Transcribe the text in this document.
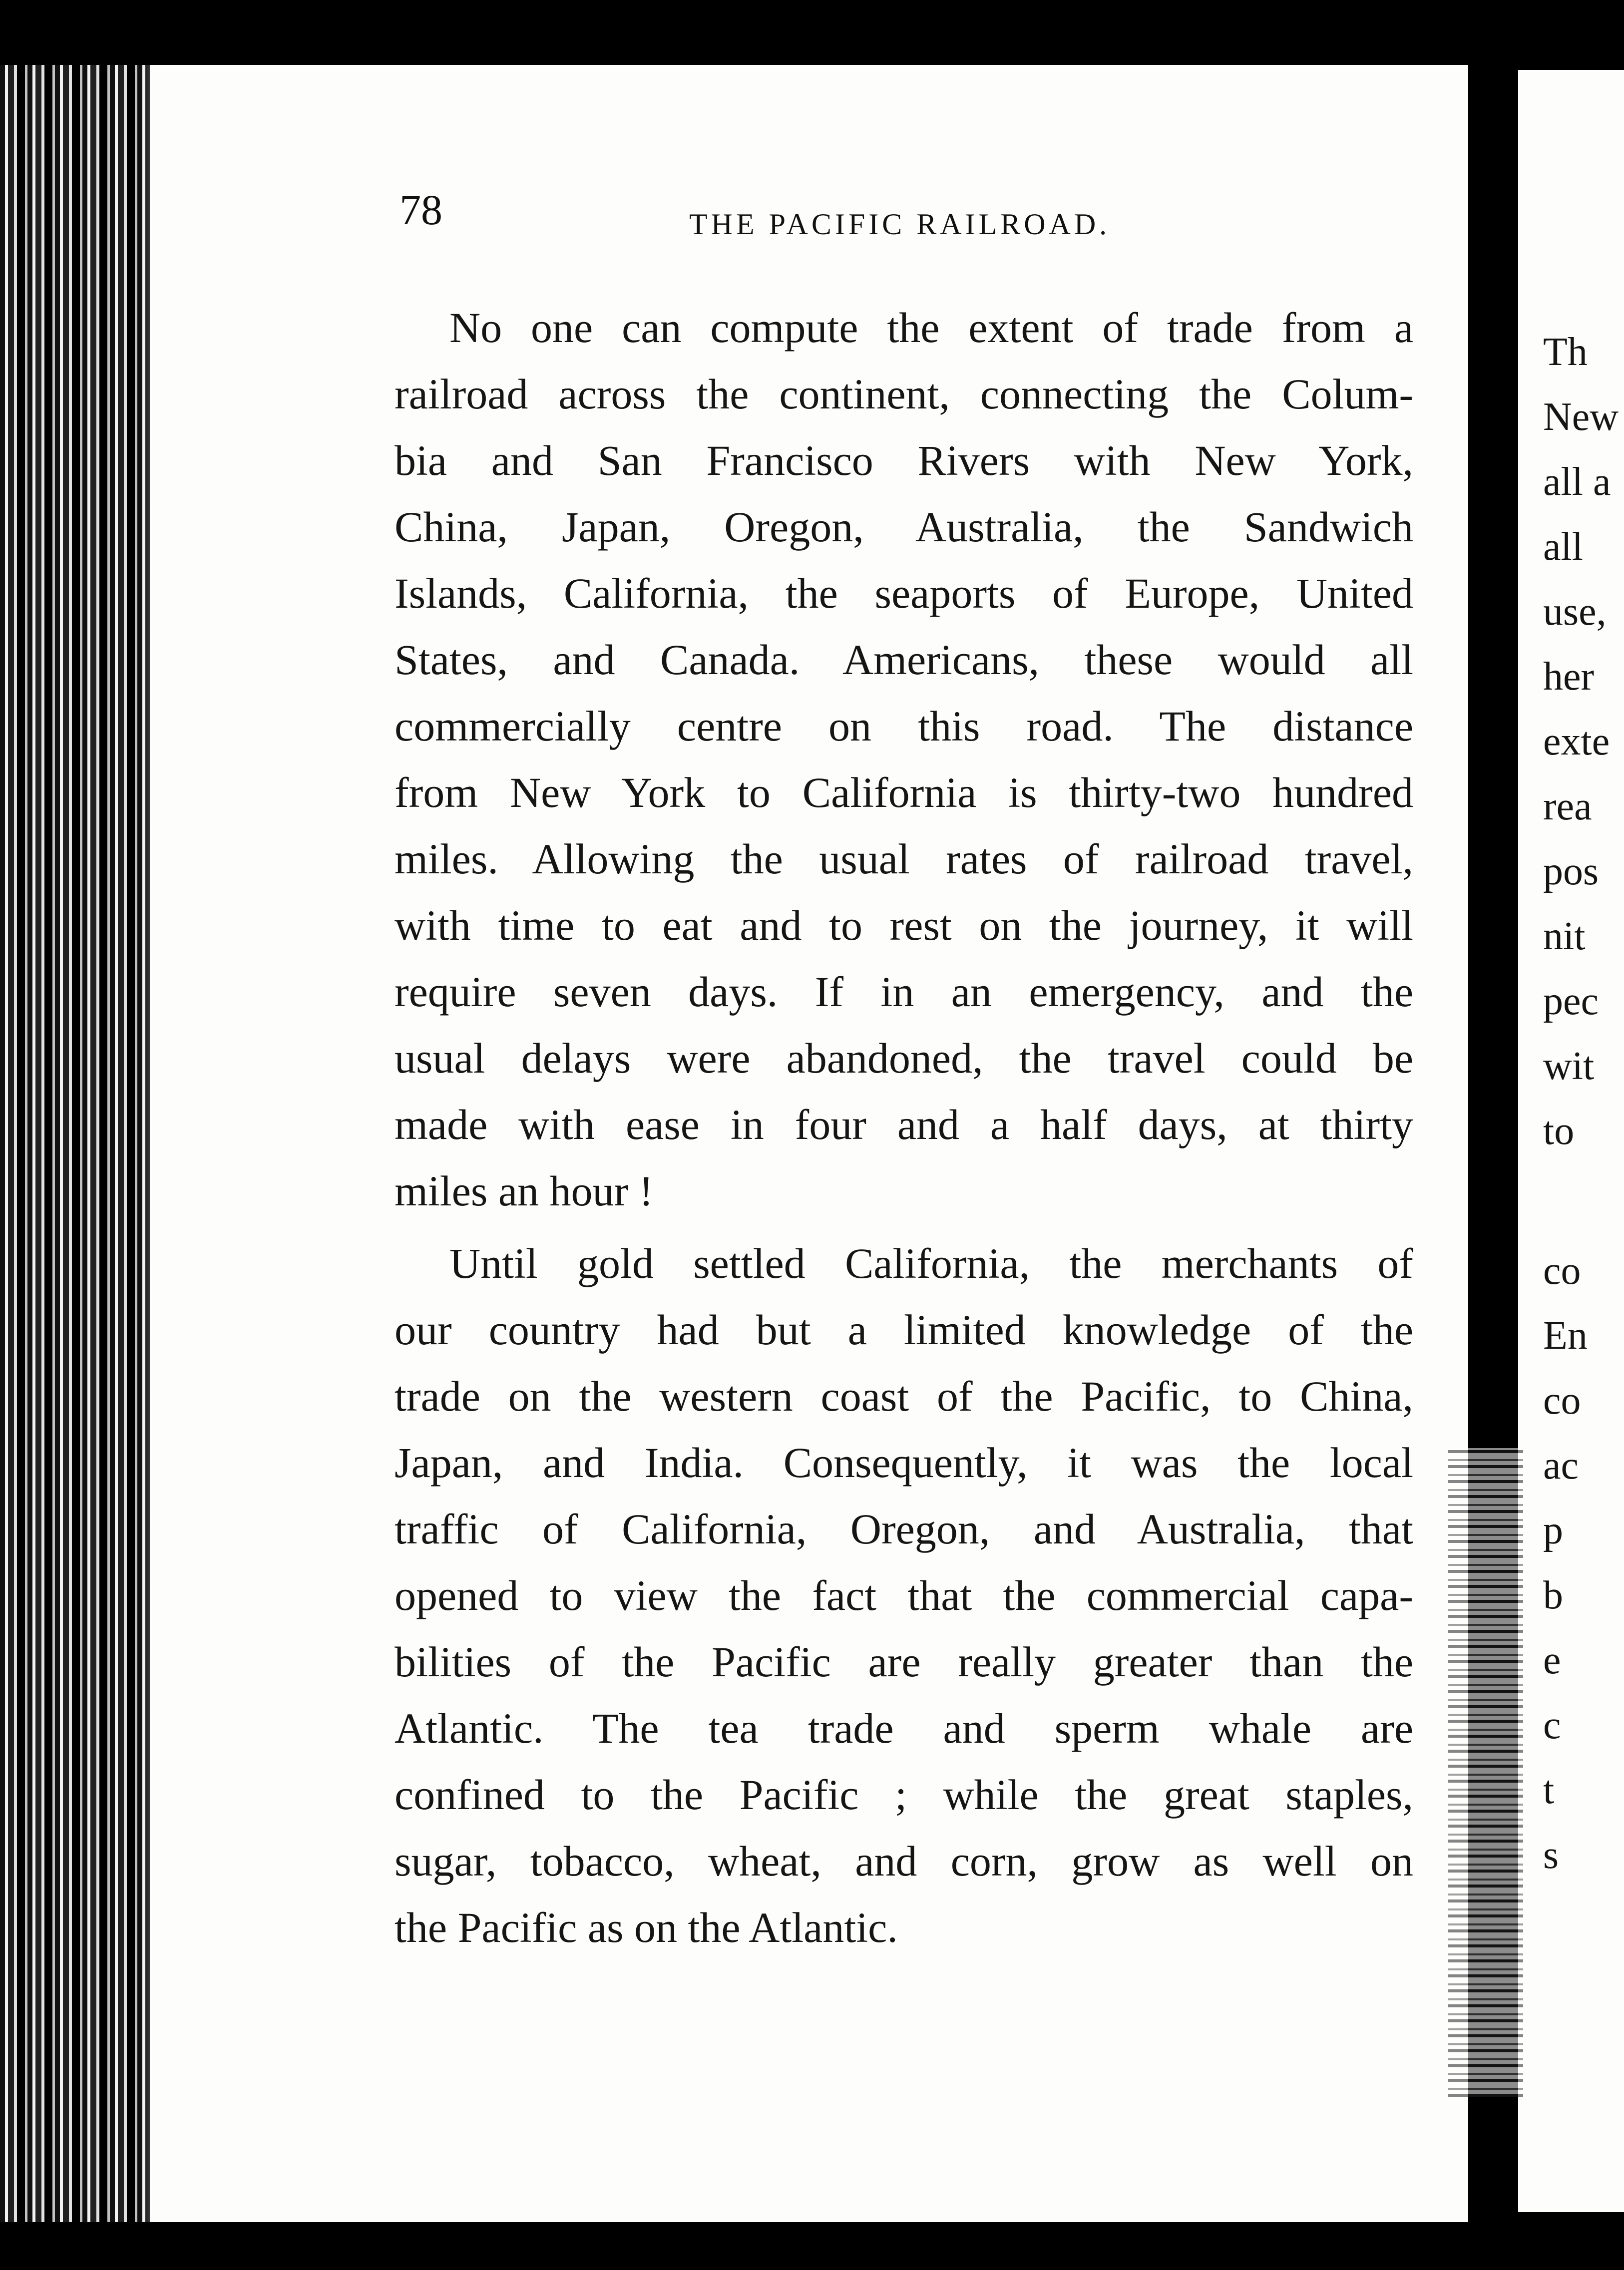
78	THE PACIFIC RAILROAD.
No one can compute the extent of trade from a
railroad across the continent, connecting the Colum-
bia and San Francisco Rivers with New York,
China, Japan, Oregon, Australia, the Sandwich
Islands, California, the seaports of Europe, United
States, and Canada. Americans, these would all
commercially centre on this road. The distance
from New York to California is thirty-two hundred
miles. Allowing the usual rates of railroad travel,
with time to eat and to rest on the journey, it will
require seven days. If in an emergency, and the
usual delays were abandoned, the travel could be
made with ease in four and a half days, at thirty
miles an hour !
Until gold settled California, the merchants of
our country had but a limited knowledge of the
trade on the western coast of the Pacific, to China,
Japan, and India. Consequently, it was the local
traffic of California, Oregon, and Australia, that
opened to view the fact that the commercial capa-
bilities of the Pacific are really greater than the
Atlantic. The tea trade and sperm whale are
confined to the Pacific ; while the great staples,
sugar, tobacco, wheat, and corn, grow as well on
the Pacific as on the Atlantic.
Th
New
all a
all
use,
her
exte
rea
pos
nit
pec
wit
to
co
En
co
ac
p
b
e
c
t
s
